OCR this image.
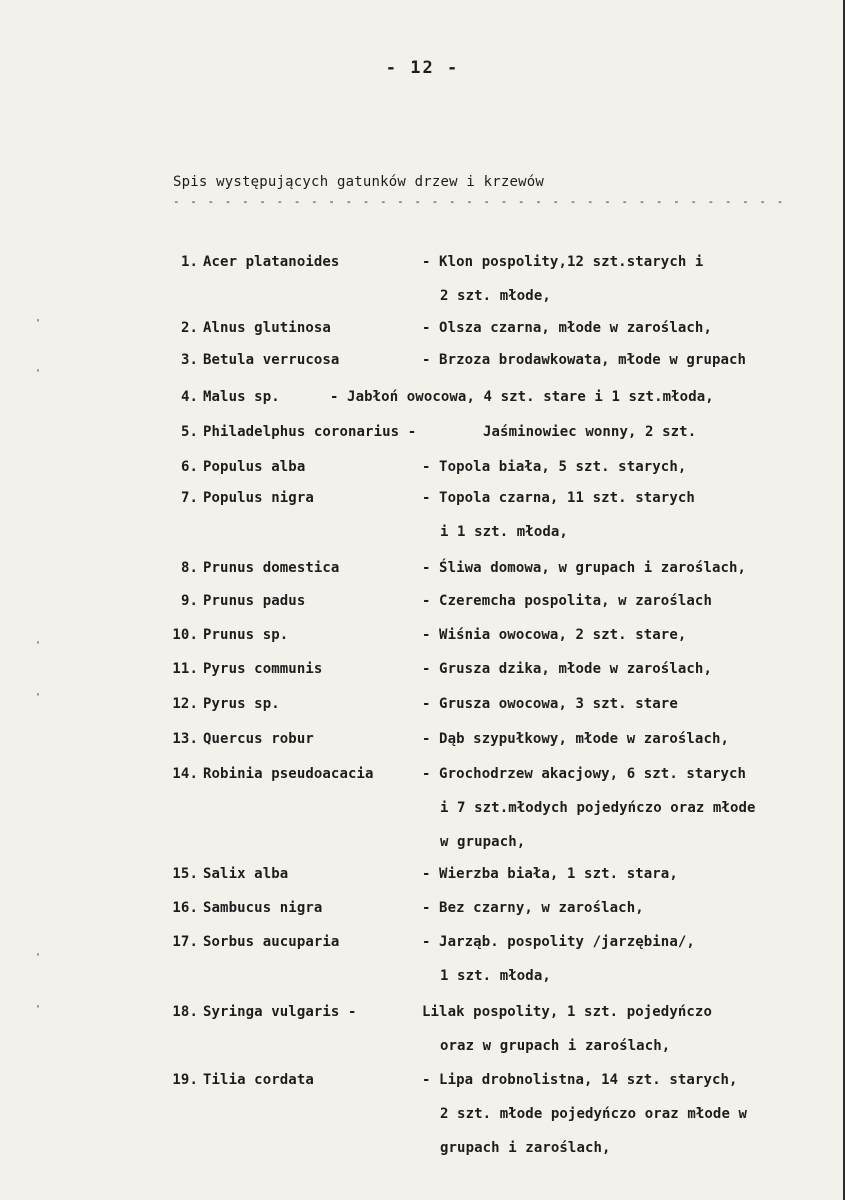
- 12 -
Spis występujących gatunków drzew i krzewów
- - - - - - - - - - - - - - - - - - - - - - - - - - - - - - - - - - - -
1. Acer platanoides	- Klon pospolity,12 szt.starych i
2 szt. młode,
2. Alnus glutinosa	- Olsza czarna, młode w zaroślach,
3. Betula verrucosa	- Brzoza brodawkowata, młode w grupach
4. Malus sp.	- Jabłoń owocowa, 4 szt. stare i 1 szt.młoda,
5. Philadelphus coronarius -	Jaśminowiec wonny, 2 szt.
6. Populus alba	- Topola biała, 5 szt. starych,
7. Populus nigra	- Topola czarna, 11 szt. starych
i 1 szt. młoda,
8. Prunus domestica	- Śliwa domowa, w grupach i zaroślach,
9. Prunus padus	- Czeremcha pospolita, w zaroślach
10. Prunus sp.	- Wiśnia owocowa, 2 szt. stare,
11. Pyrus communis	- Grusza dzika, młode w zaroślach,
12. Pyrus sp.	- Grusza owocowa, 3 szt. stare
13. Quercus robur	- Dąb szypułkowy, młode w zaroślach,
14. Robinia pseudoacacia	- Grochodrzew akacjowy, 6 szt. starych
i 7 szt.młodych pojedyńczo oraz młode
w grupach,
15. Salix alba	- Wierzba biała, 1 szt. stara,
16. Sambucus nigra	- Bez czarny, w zaroślach,
17. Sorbus aucuparia	- Jarząb. pospolity /jarzębina/,
1 szt. młoda,
18. Syringa vulgaris -	Lilak pospolity, 1 szt. pojedyńczo
oraz w grupach i zaroślach,
19. Tilia cordata	- Lipa drobnolistna, 14 szt. starych,
2 szt. młode pojedyńczo oraz młode w
grupach i zaroślach,
'
'
'
'
'
'
